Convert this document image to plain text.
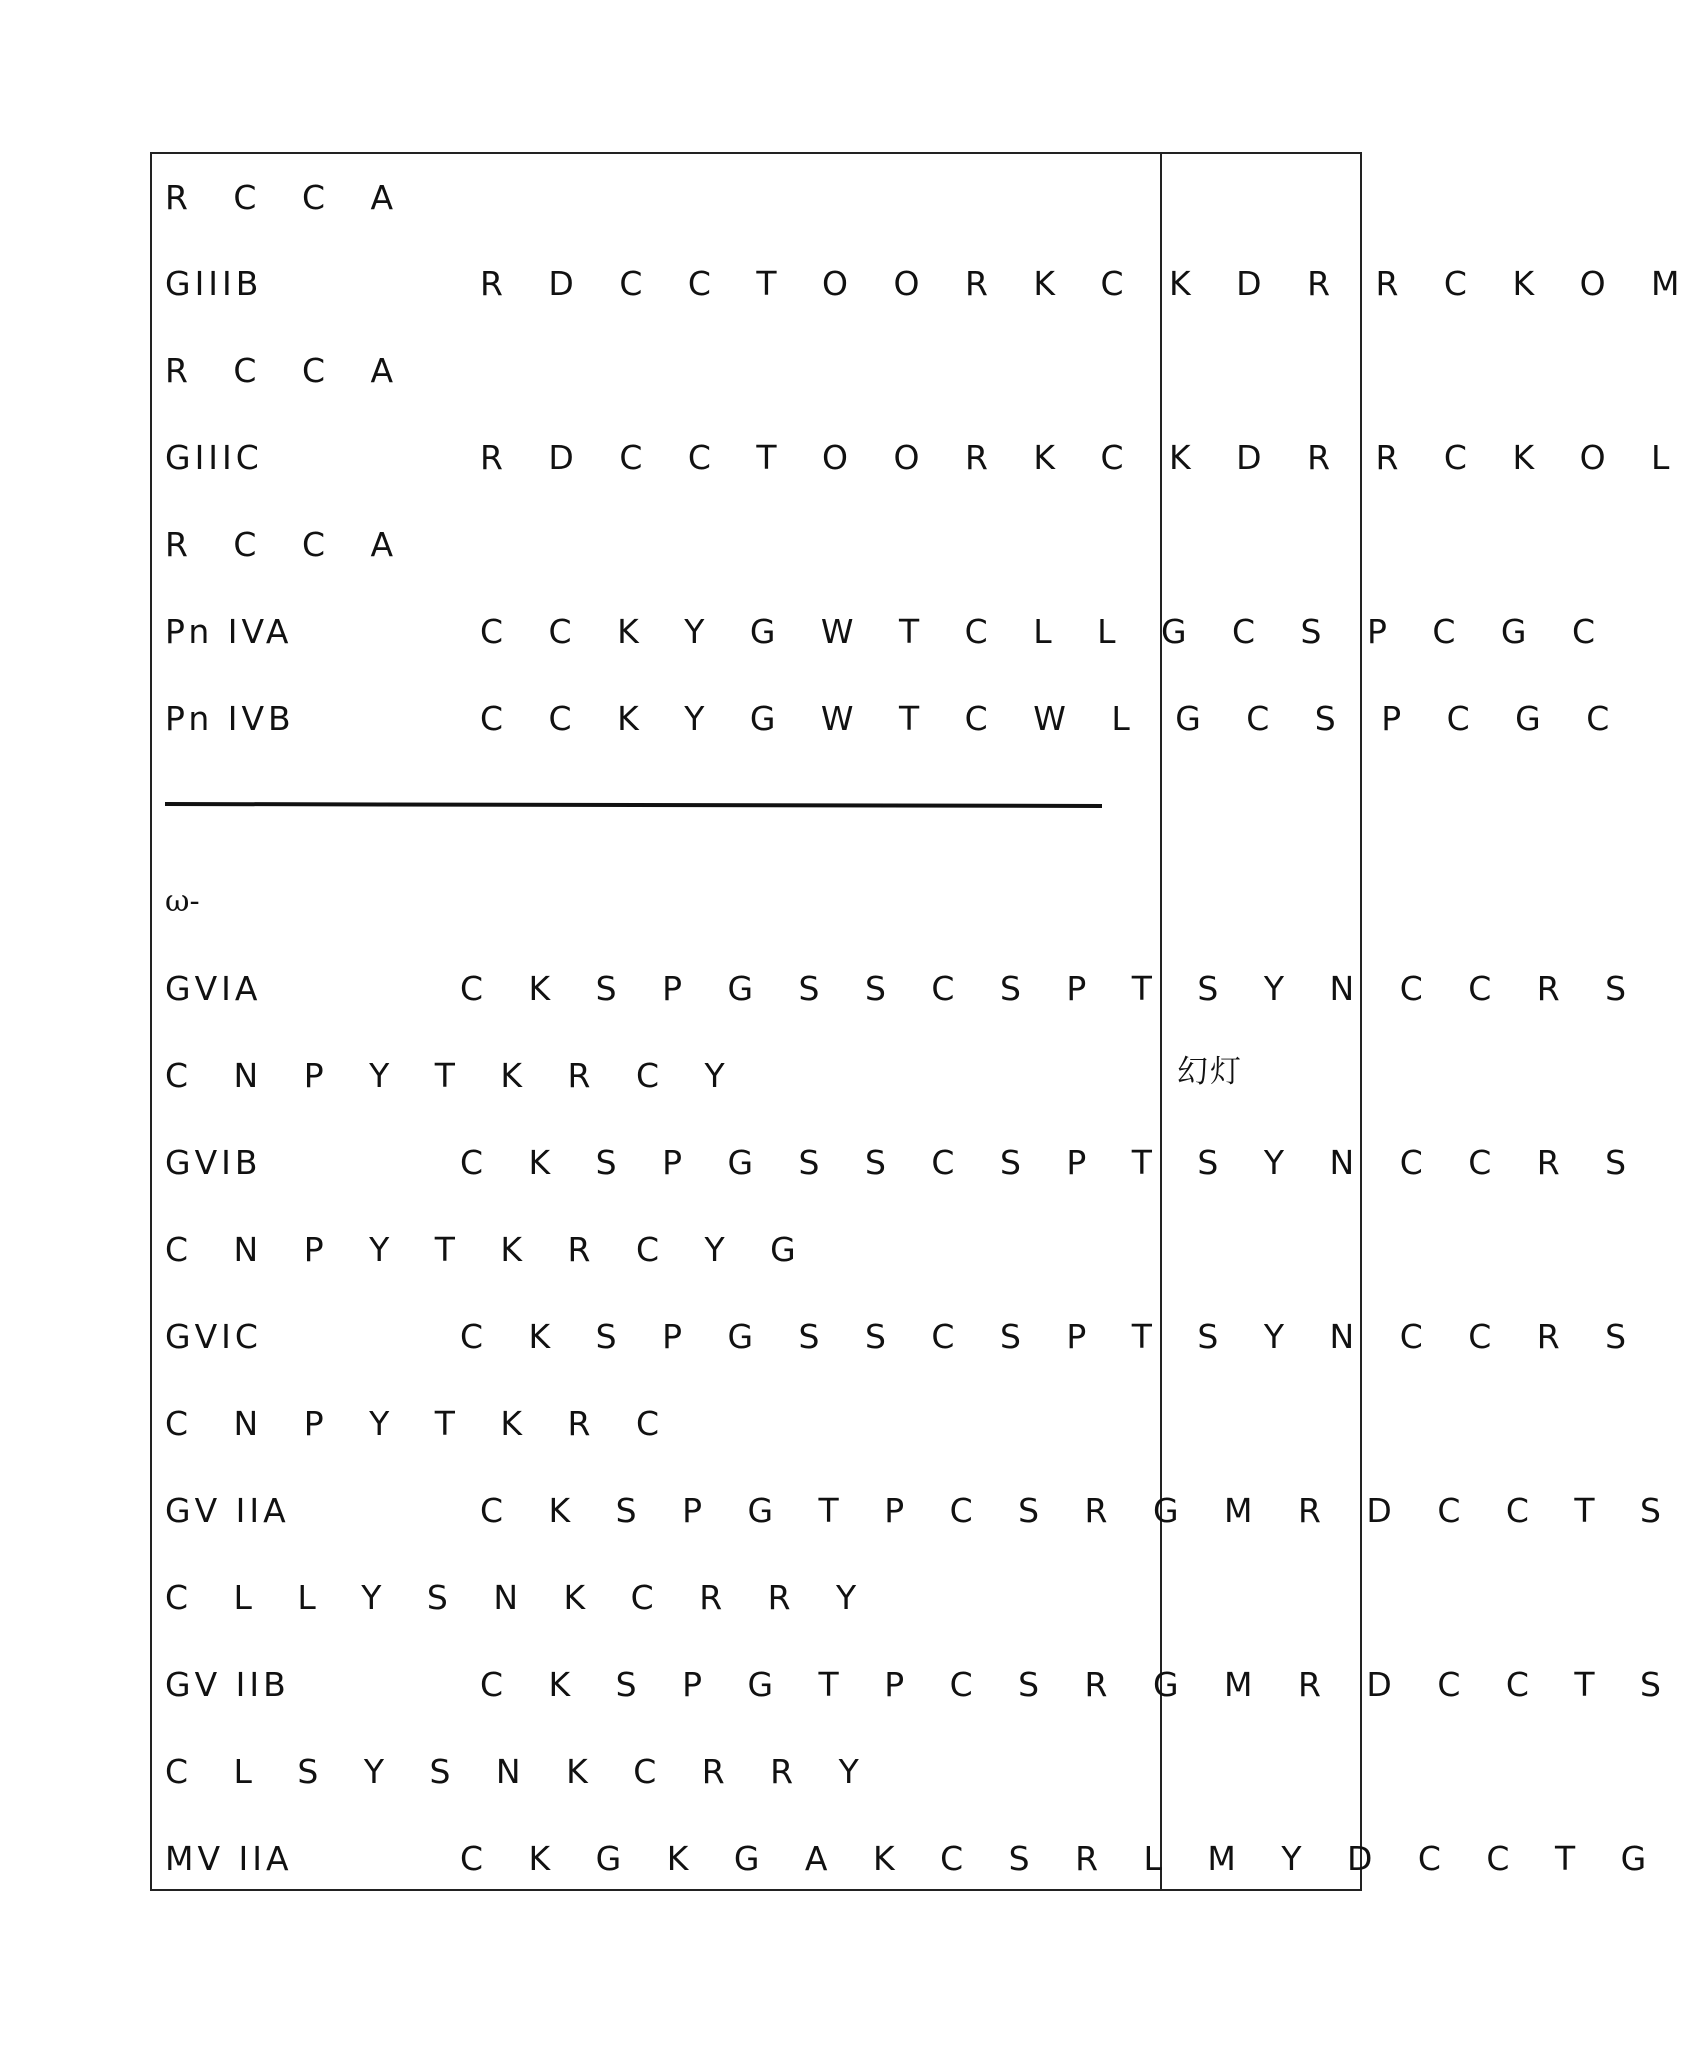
R C C A
GIIIB	R D C C T O O R K C K D R R C K O M
R C C A
GIIIC	R D C C T O O R K C K D R R C K O L
R C C A
Pn IVA	C C K Y G W T C L L G C S P C G C
Pn IVB	C C K Y G W T C W L G C S P C G C
ω-
GVIA	C K S P G S S C S P T S Y N C C R S
C N P Y T K R C Y
GVIB	C K S P G S S C S P T S Y N C C R S
C N P Y T K R C Y G
GVIC	C K S P G S S C S P T S Y N C C R S
C N P Y T K R C
GV IIA	C K S P G T P C S R G M R D C C T S
C L L Y S N K C R R Y
GV IIB	C K S P G T P C S R G M R D C C T S
C L S Y S N K C R R Y
MV IIA	C K G K G A K C S R L M Y D C C T G
幻灯
